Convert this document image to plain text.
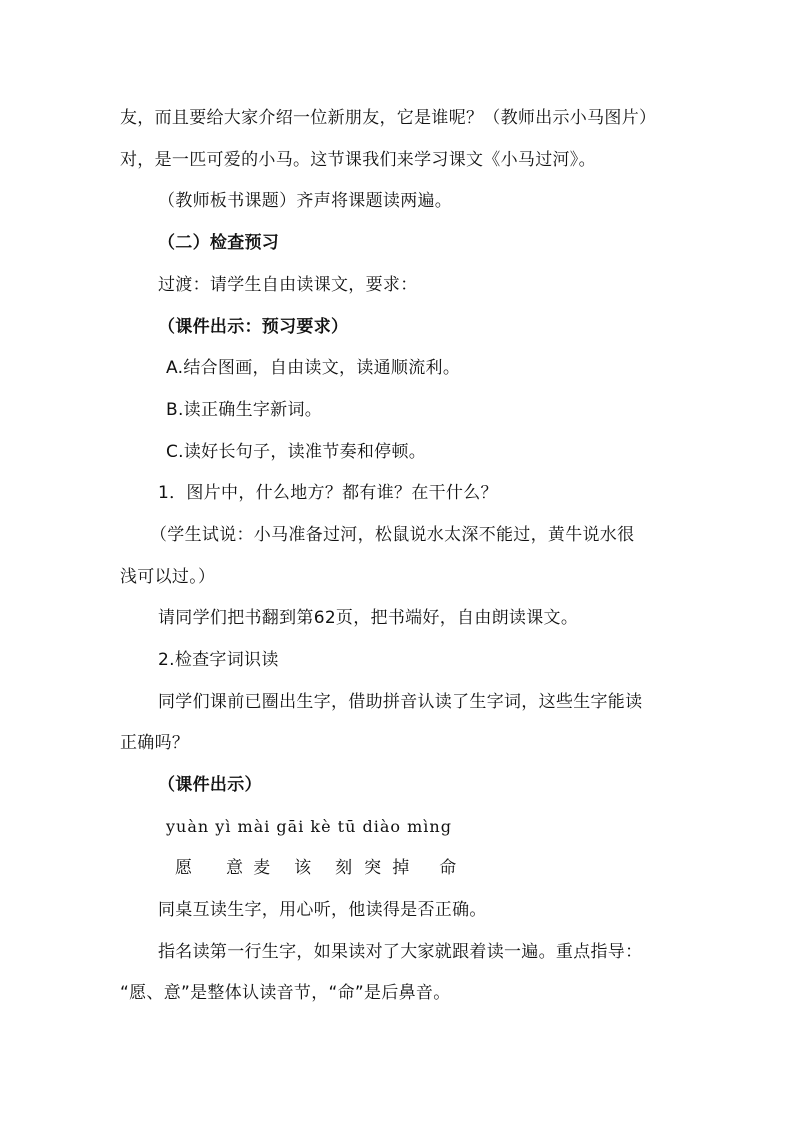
友，而且要给大家介绍一位新朋友，它是谁呢？（教师出示小马图片）
对，是一匹可爱的小马。这节课我们来学习课文《小马过河》。
（教师板书课题）齐声将课题读两遍。
（二）检查预习
过渡：请学生自由读课文，要求：
（课件出示：预习要求）
A.结合图画，自由读文，读通顺流利。
B.读正确生字新词。
C.读好长句子，读准节奏和停顿。
1．图片中，什么地方？都有谁？在干什么？
（学生试说：小马准备过河，松鼠说水太深不能过，黄牛说水很
浅可以过。）
请同学们把书翻到第62页，把书端好，自由朗读课文。
2.检查字词识读
同学们课前已圈出生字，借助拼音认读了生字词，这些生字能读
正确吗？
（课件出示）
yuàn yì mài gāi kè tū diào mìng
愿 意 麦 该 刻 突 掉 命
同桌互读生字，用心听，他读得是否正确。
指名读第一行生字，如果读对了大家就跟着读一遍。重点指导：
“愿、意”是整体认读音节，“命”是后鼻音。
